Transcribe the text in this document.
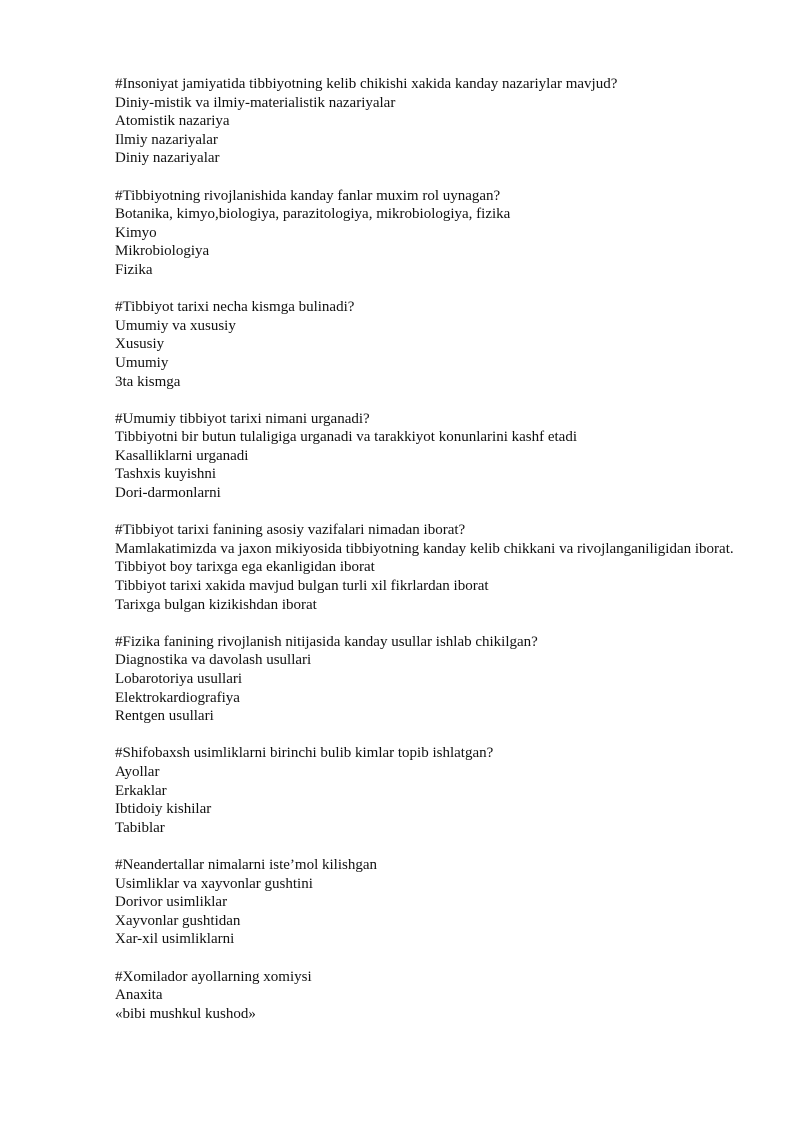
#Insoniyat jamiyatida tibbiyotning kelib chikishi xakida kanday nazariylar mavjud?
Diniy-mistik va ilmiy-materialistik nazariyalar
Atomistik nazariya
Ilmiy nazariyalar
Diniy nazariyalar
#Tibbiyotning rivojlanishida kanday fanlar muxim rol uynagan?
Botanika, kimyo,biologiya, parazitologiya, mikrobiologiya, fizika
Kimyo
Mikrobiologiya
Fizika
#Tibbiyot tarixi necha kismga bulinadi?
Umumiy va xususiy
Xususiy
Umumiy
3ta kismga
#Umumiy tibbiyot tarixi nimani urganadi?
Tibbiyotni bir butun tulaligiga urganadi va tarakkiyot konunlarini kashf etadi
Kasalliklarni urganadi
Tashxis kuyishni
Dori-darmonlarni
#Tibbiyot tarixi fanining asosiy vazifalari nimadan iborat?
Mamlakatimizda va jaxon mikiyosida tibbiyotning kanday kelib chikkani va rivojlanganiligidan iborat.
Tibbiyot boy tarixga ega ekanligidan iborat
Tibbiyot tarixi xakida mavjud bulgan turli xil fikrlardan iborat
Tarixga bulgan kizikishdan iborat
#Fizika fanining rivojlanish nitijasida kanday usullar ishlab chikilgan?
Diagnostika va davolash usullari
Lobarotoriya usullari
Elektrokardiografiya
Rentgen usullari
#Shifobaxsh usimliklarni birinchi bulib kimlar topib ishlatgan?
Ayollar
Erkaklar
Ibtidoiy kishilar
Tabiblar
#Neandertallar nimalarni iste’mol kilishgan
Usimliklar va xayvonlar gushtini
Dorivor usimliklar
Xayvonlar gushtidan
Xar-xil usimliklarni
#Xomilador ayollarning xomiysi
Anaxita
«bibi mushkul kushod»
